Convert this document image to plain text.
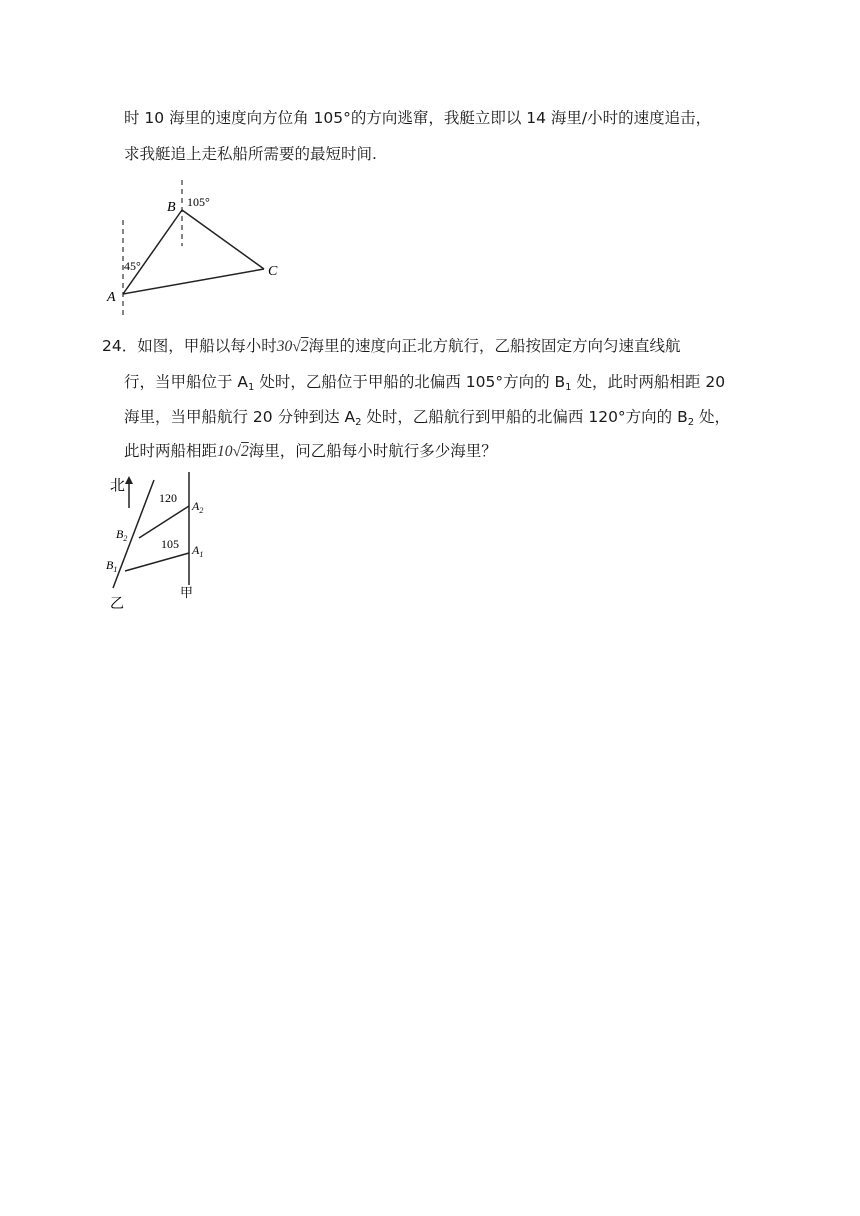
时 10 海里的速度向方位角 105°的方向逃窜，我艇立即以 14 海里/小时的速度追击，
求我艇追上走私船所需要的最短时间.
A
B
C
45°
105°
24．如图，甲船以每小时30√2海里的速度向正北方航行，乙船按固定方向匀速直线航
行，当甲船位于 $A_1$ 处时，乙船位于甲船的北偏西 105°方向的 $B_1$ 处，此时两船相距 20
海里，当甲船航行 20 分钟到达 $A_2$ 处时，乙船航行到甲船的北偏西 120°方向的 $B_2$ 处，
此时两船相距10√2海里，问乙船每小时航行多少海里？
北
120
105
$A_2$
$A_1$
$B_2$
$B_1$
乙
甲
